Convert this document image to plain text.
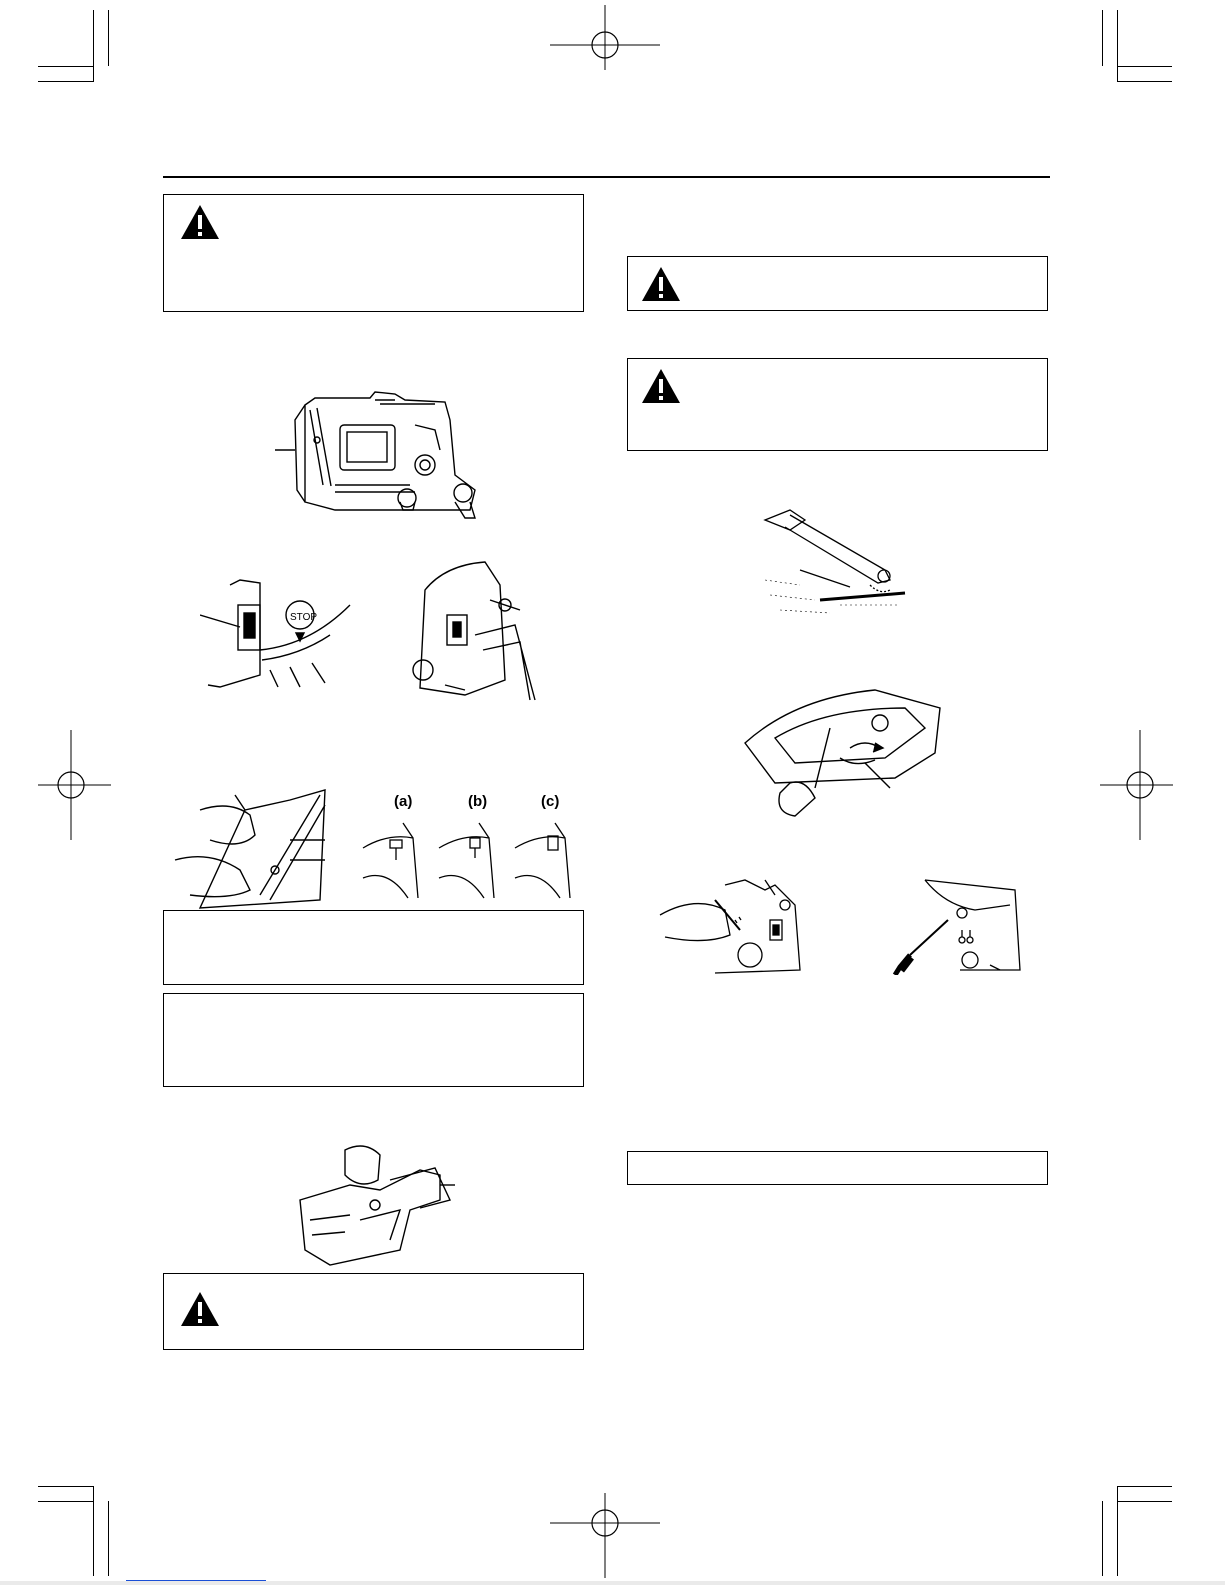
STOP
(a)	(b)	(c)
